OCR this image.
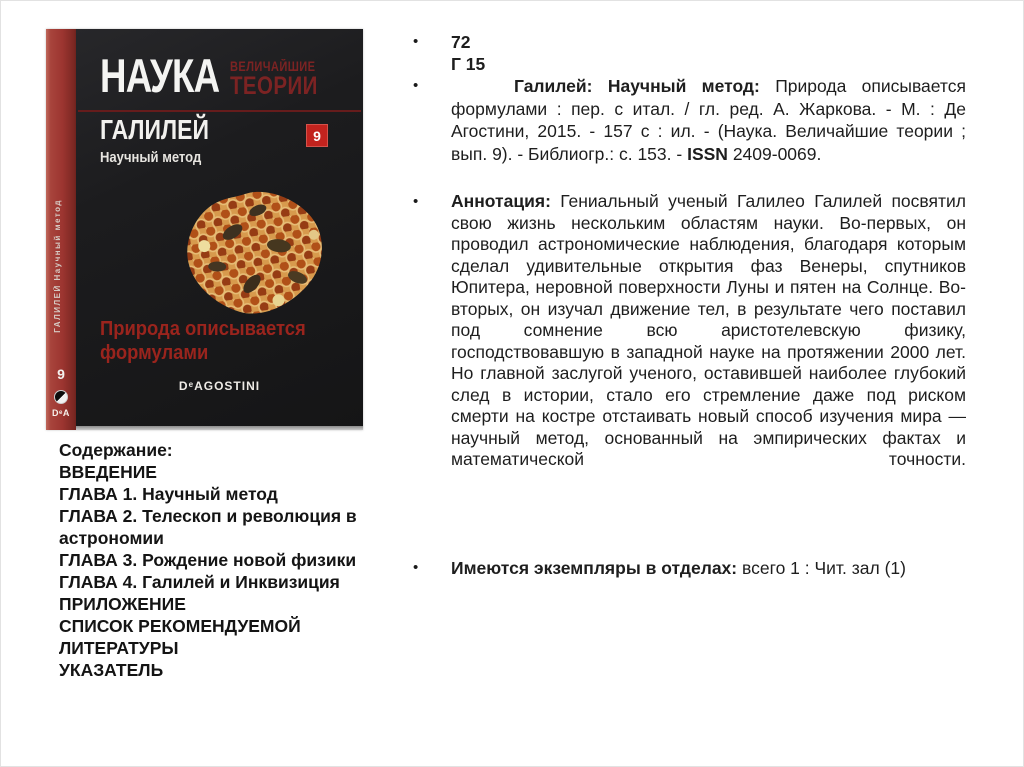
ГАЛИЛЕЙ Научный метод
9
DᵉA
НАУКА ВЕЛИЧАЙШИЕ
ТЕОРИИ
ГАЛИЛЕЙ	9
Научный метод
Природа описывается
формулами
DᵉAGOSTINI
Содержание:
ВВЕДЕНИЕ
ГЛАВА 1. Научный метод
ГЛАВА 2. Телескоп и революция в астрономии
ГЛАВА 3. Рождение новой физики
ГЛАВА 4. Галилей и Инквизиция
ПРИЛОЖЕНИЕ
СПИСОК РЕКОМЕНДУЕМОЙ ЛИТЕРАТУРЫ
УКАЗАТЕЛЬ
•	72
Г 15
•	Галилей: Научный метод: Природа описывается формулами : пер. с итал. / гл. ред. А. Жаркова. - М. : Де Агостини, 2015. - 157 с : ил. - (Наука. Величайшие теории ; вып. 9). - Библиогр.: с. 153. - ISSN 2409-0069.

•	Аннотация: Гениальный ученый Галилео Галилей посвятил свою жизнь нескольким областям науки. Во-первых, он проводил астрономические наблюдения, благодаря которым сделал удивительные открытия фаз Венеры, спутников Юпитера, неровной поверхности Луны и пятен на Солнце. Во-вторых, он изучал движение тел, в результате чего поставил под сомнение всю аристотелевскую физику, господствовавшую в западной науке на протяжении 2000 лет. Но главной заслугой ученого, оставившей наиболее глубокий след в истории, стало его стремление даже под риском смерти на костре отстаивать новый способ изучения мира — научный метод, основанный на эмпирических фактах и математической точности.

•	Имеются экземпляры в отделах: всего 1 : Чит. зал (1)
